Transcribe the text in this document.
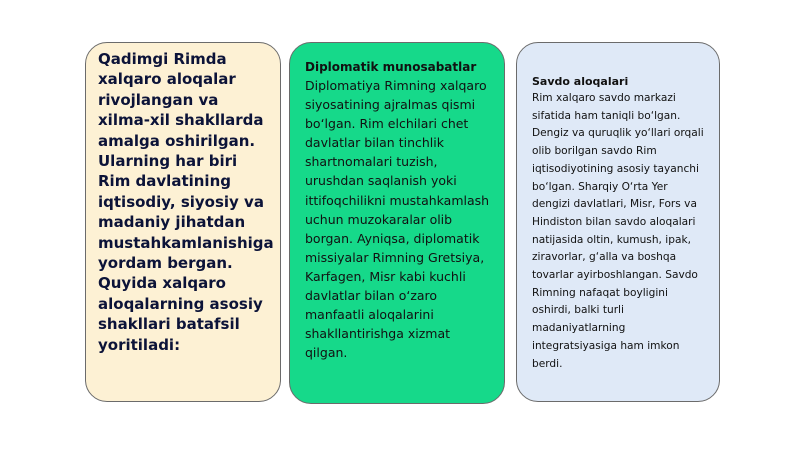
Qadimgi Rimda xalqaro aloqalar rivojlangan va xilma-xil shakllarda amalga oshirilgan. Ularning har biri Rim davlatining iqtisodiy, siyosiy va madaniy jihatdan mustahkamlanishiga yordam bergan. Quyida xalqaro aloqalarning asosiy shakllari batafsil yoritiladi:

Diplomatik munosabatlar

Diplomatiya Rimning xalqaro siyosatining ajralmas qismi bo‘lgan. Rim elchilari chet davlatlar bilan tinchlik shartnomalari tuzish, urushdan saqlanish yoki ittifoqchilikni mustahkamlash uchun muzokaralar olib borgan. Ayniqsa, diplomatik missiyalar Rimning Gretsiya, Karfagen, Misr kabi kuchli davlatlar bilan o‘zaro manfaatli aloqalarini shakllantirishga xizmat qilgan.

Savdo aloqalari

Rim xalqaro savdo markazi sifatida ham taniqli bo‘lgan. Dengiz va quruqlik yo‘llari orqali olib borilgan savdo Rim iqtisodiyotining asosiy tayanchi bo‘lgan. Sharqiy O‘rta Yer dengizi davlatlari, Misr, Fors va Hindiston bilan savdo aloqalari natijasida oltin, kumush, ipak, ziravorlar, g‘alla va boshqa tovarlar ayirboshlangan. Savdo Rimning nafaqat boyligini oshirdi, balki turli madaniyatlarning integratsiyasiga ham imkon berdi.
